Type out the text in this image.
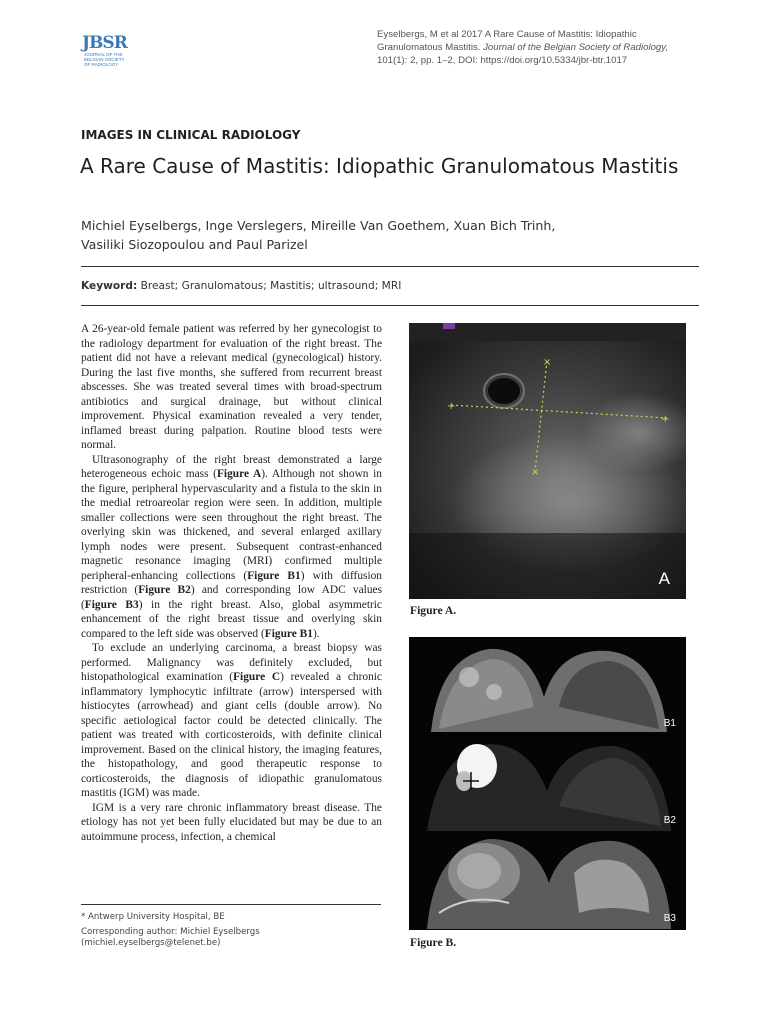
JBSR
JOURNAL OF THE
BELGIAN SOCIETY
OF RADIOLOGY
Eyselbergs, M et al 2017 A Rare Cause of Mastitis: Idiopathic
Granulomatous Mastitis. Journal of the Belgian Society of Radiology,
101(1): 2, pp. 1–2, DOI: https://doi.org/10.5334/jbr-btr.1017
IMAGES IN CLINICAL RADIOLOGY
A Rare Cause of Mastitis: Idiopathic Granulomatous Mastitis
Michiel Eyselbergs, Inge Verslegers, Mireille Van Goethem, Xuan Bich Trinh,
Vasiliki Siozopoulou and Paul Parizel
Keyword: Breast; Granulomatous; Mastitis; ultrasound; MRI

A 26-year-old female patient was referred by her gynecologist to the radiology department for evaluation of the right breast. The patient did not have a relevant medical (gynecological) history. During the last five months, she suffered from recurrent breast abscesses. She was treated several times with broad-spectrum antibiotics and surgical drainage, but without clinical improvement. Physical examination revealed a very tender, inflamed breast during palpation. Routine blood tests were normal.

Ultrasonography of the right breast demonstrated a large heterogeneous echoic mass (Figure A). Although not shown in the figure, peripheral hypervascularity and a fistula to the skin in the medial retroareolar region were seen. In addition, multiple smaller collections were seen throughout the right breast. The overlying skin was thickened, and several enlarged axillary lymph nodes were present. Subsequent contrast-enhanced magnetic resonance imaging (MRI) confirmed multiple peripheral-enhancing collections (Figure B1) with diffusion restriction (Figure B2) and corresponding low ADC values (Figure B3) in the right breast. Also, global asymmetric enhancement of the right breast tissue and overlying skin compared to the left side was observed (Figure B1).

To exclude an underlying carcinoma, a breast biopsy was performed. Malignancy was definitely excluded, but histopathological examination (Figure C) revealed a chronic inflammatory lymphocytic infiltrate (arrow) interspersed with histiocytes (arrowhead) and giant cells (double arrow). No specific aetiological factor could be detected clinically. The patient was treated with corticosteroids, with definite clinical improvement. Based on the clinical history, the imaging features, the histopathology, and good therapeutic response to corticosteroids, the diagnosis of idiopathic granulomatous mastitis (IGM) was made.

IGM is a very rare chronic inflammatory breast disease. The etiology has not yet been fully elucidated but may be due to an autoimmune process, infection, a chemical

* Antwerp University Hospital, BE
Corresponding author: Michiel Eyselbergs
(michiel.eyselbergs@telenet.be)
+
+
×
×
A
Figure A.
B1
B2
B3
Figure B.
